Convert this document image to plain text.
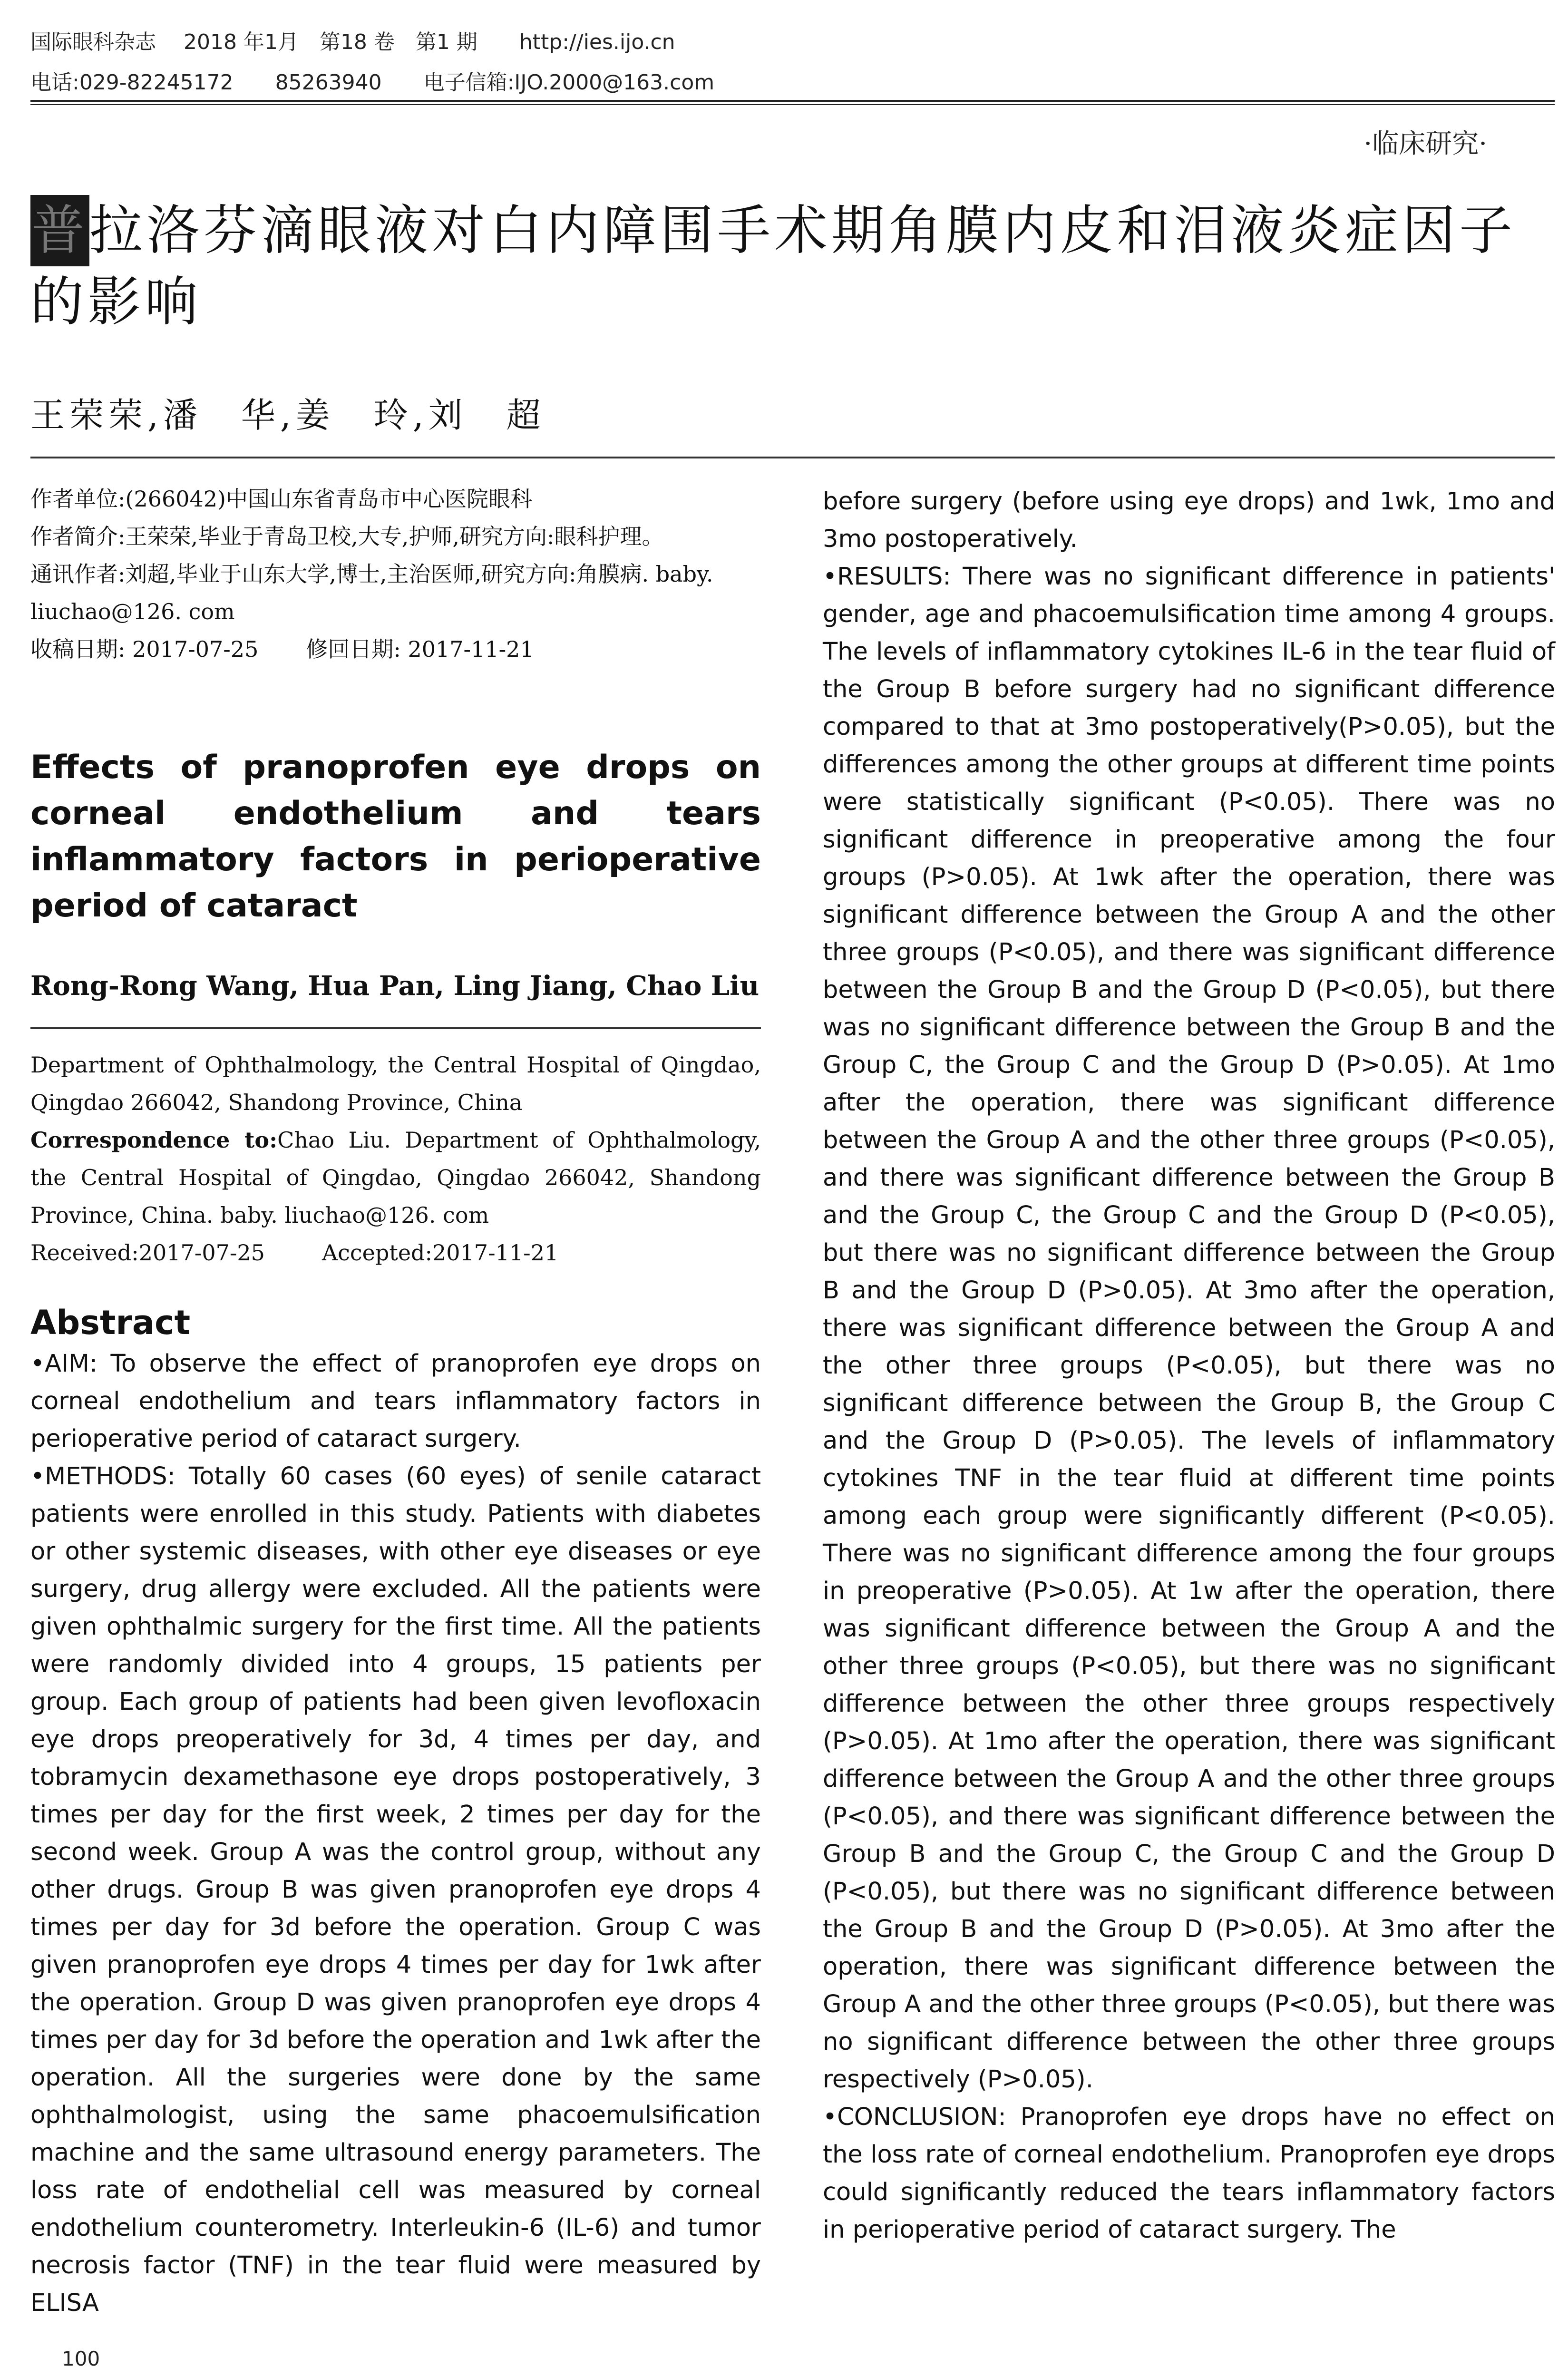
国际眼科杂志　 2018 年1月　第18 卷　第1 期　　http://ies.ijo.cn
电话:029-82245172　　85263940　　电子信箱:IJO.2000@163.com
·临床研究·
普拉洛芬滴眼液对白内障围手术期角膜内皮和泪液炎症因子的影响
王荣荣,潘　华,姜　玲,刘　超

作者单位:(266042)中国山东省青岛市中心医院眼科

作者简介:王荣荣,毕业于青岛卫校,大专,护师,研究方向:眼科护理。

通讯作者:刘超,毕业于山东大学,博士,主治医师,研究方向:角膜病. baby. liuchao@126. com

收稿日期: 2017-07-25 修回日期: 2017-11-21

Effects of pranoprofen eye drops on corneal endothelium and tears inflammatory factors in perioperative period of cataract
Rong-Rong Wang, Hua Pan, Ling Jiang, Chao Liu

Department of Ophthalmology, the Central Hospital of Qingdao, Qingdao 266042, Shandong Province, China

Correspondence to:Chao Liu. Department of Ophthalmology, the Central Hospital of Qingdao, Qingdao 266042, Shandong Province, China. baby. liuchao@126. com

Received:2017-07-25	Accepted:2017-11-21

Abstract

•AIM: To observe the effect of pranoprofen eye drops on corneal endothelium and tears inflammatory factors in perioperative period of cataract surgery.

•METHODS: Totally 60 cases (60 eyes) of senile cataract patients were enrolled in this study. Patients with diabetes or other systemic diseases, with other eye diseases or eye surgery, drug allergy were excluded. All the patients were given ophthalmic surgery for the first time. All the patients were randomly divided into 4 groups, 15 patients per group. Each group of patients had been given levofloxacin eye drops preoperatively for 3d, 4 times per day, and tobramycin dexamethasone eye drops postoperatively, 3 times per day for the first week, 2 times per day for the second week. Group A was the control group, without any other drugs. Group B was given pranoprofen eye drops 4 times per day for 3d before the operation. Group C was given pranoprofen eye drops 4 times per day for 1wk after the operation. Group D was given pranoprofen eye drops 4 times per day for 3d before the operation and 1wk after the operation. All the surgeries were done by the same ophthalmologist, using the same phacoemulsification machine and the same ultrasound energy parameters. The loss rate of endothelial cell was measured by corneal endothelium counterometry. Interleukin-6 (IL-6) and tumor necrosis factor (TNF) in the tear fluid were measured by ELISA

before surgery (before using eye drops) and 1wk, 1mo and 3mo postoperatively.

•RESULTS: There was no significant difference in patients' gender, age and phacoemulsification time among 4 groups. The levels of inflammatory cytokines IL-6 in the tear fluid of the Group B before surgery had no significant difference compared to that at 3mo postoperatively(P>0.05), but the differences among the other groups at different time points were statistically significant (P<0.05). There was no significant difference in preoperative among the four groups (P>0.05). At 1wk after the operation, there was significant difference between the Group A and the other three groups (P<0.05), and there was significant difference between the Group B and the Group D (P<0.05), but there was no significant difference between the Group B and the Group C, the Group C and the Group D (P>0.05). At 1mo after the operation, there was significant difference between the Group A and the other three groups (P<0.05), and there was significant difference between the Group B and the Group C, the Group C and the Group D (P<0.05), but there was no significant difference between the Group B and the Group D (P>0.05). At 3mo after the operation, there was significant difference between the Group A and the other three groups (P<0.05), but there was no significant difference between the Group B, the Group C and the Group D (P>0.05). The levels of inflammatory cytokines TNF in the tear fluid at different time points among each group were significantly different (P<0.05). There was no significant difference among the four groups in preoperative (P>0.05). At 1w after the operation, there was significant difference between the Group A and the other three groups (P<0.05), but there was no significant difference between the other three groups respectively (P>0.05). At 1mo after the operation, there was significant difference between the Group A and the other three groups (P<0.05), and there was significant difference between the Group B and the Group C, the Group C and the Group D (P<0.05), but there was no significant difference between the Group B and the Group D (P>0.05). At 3mo after the operation, there was significant difference between the Group A and the other three groups (P<0.05), but there was no significant difference between the other three groups respectively (P>0.05).

•CONCLUSION: Pranoprofen eye drops have no effect on the loss rate of corneal endothelium. Pranoprofen eye drops could significantly reduced the tears inflammatory factors in perioperative period of cataract surgery. The

100
